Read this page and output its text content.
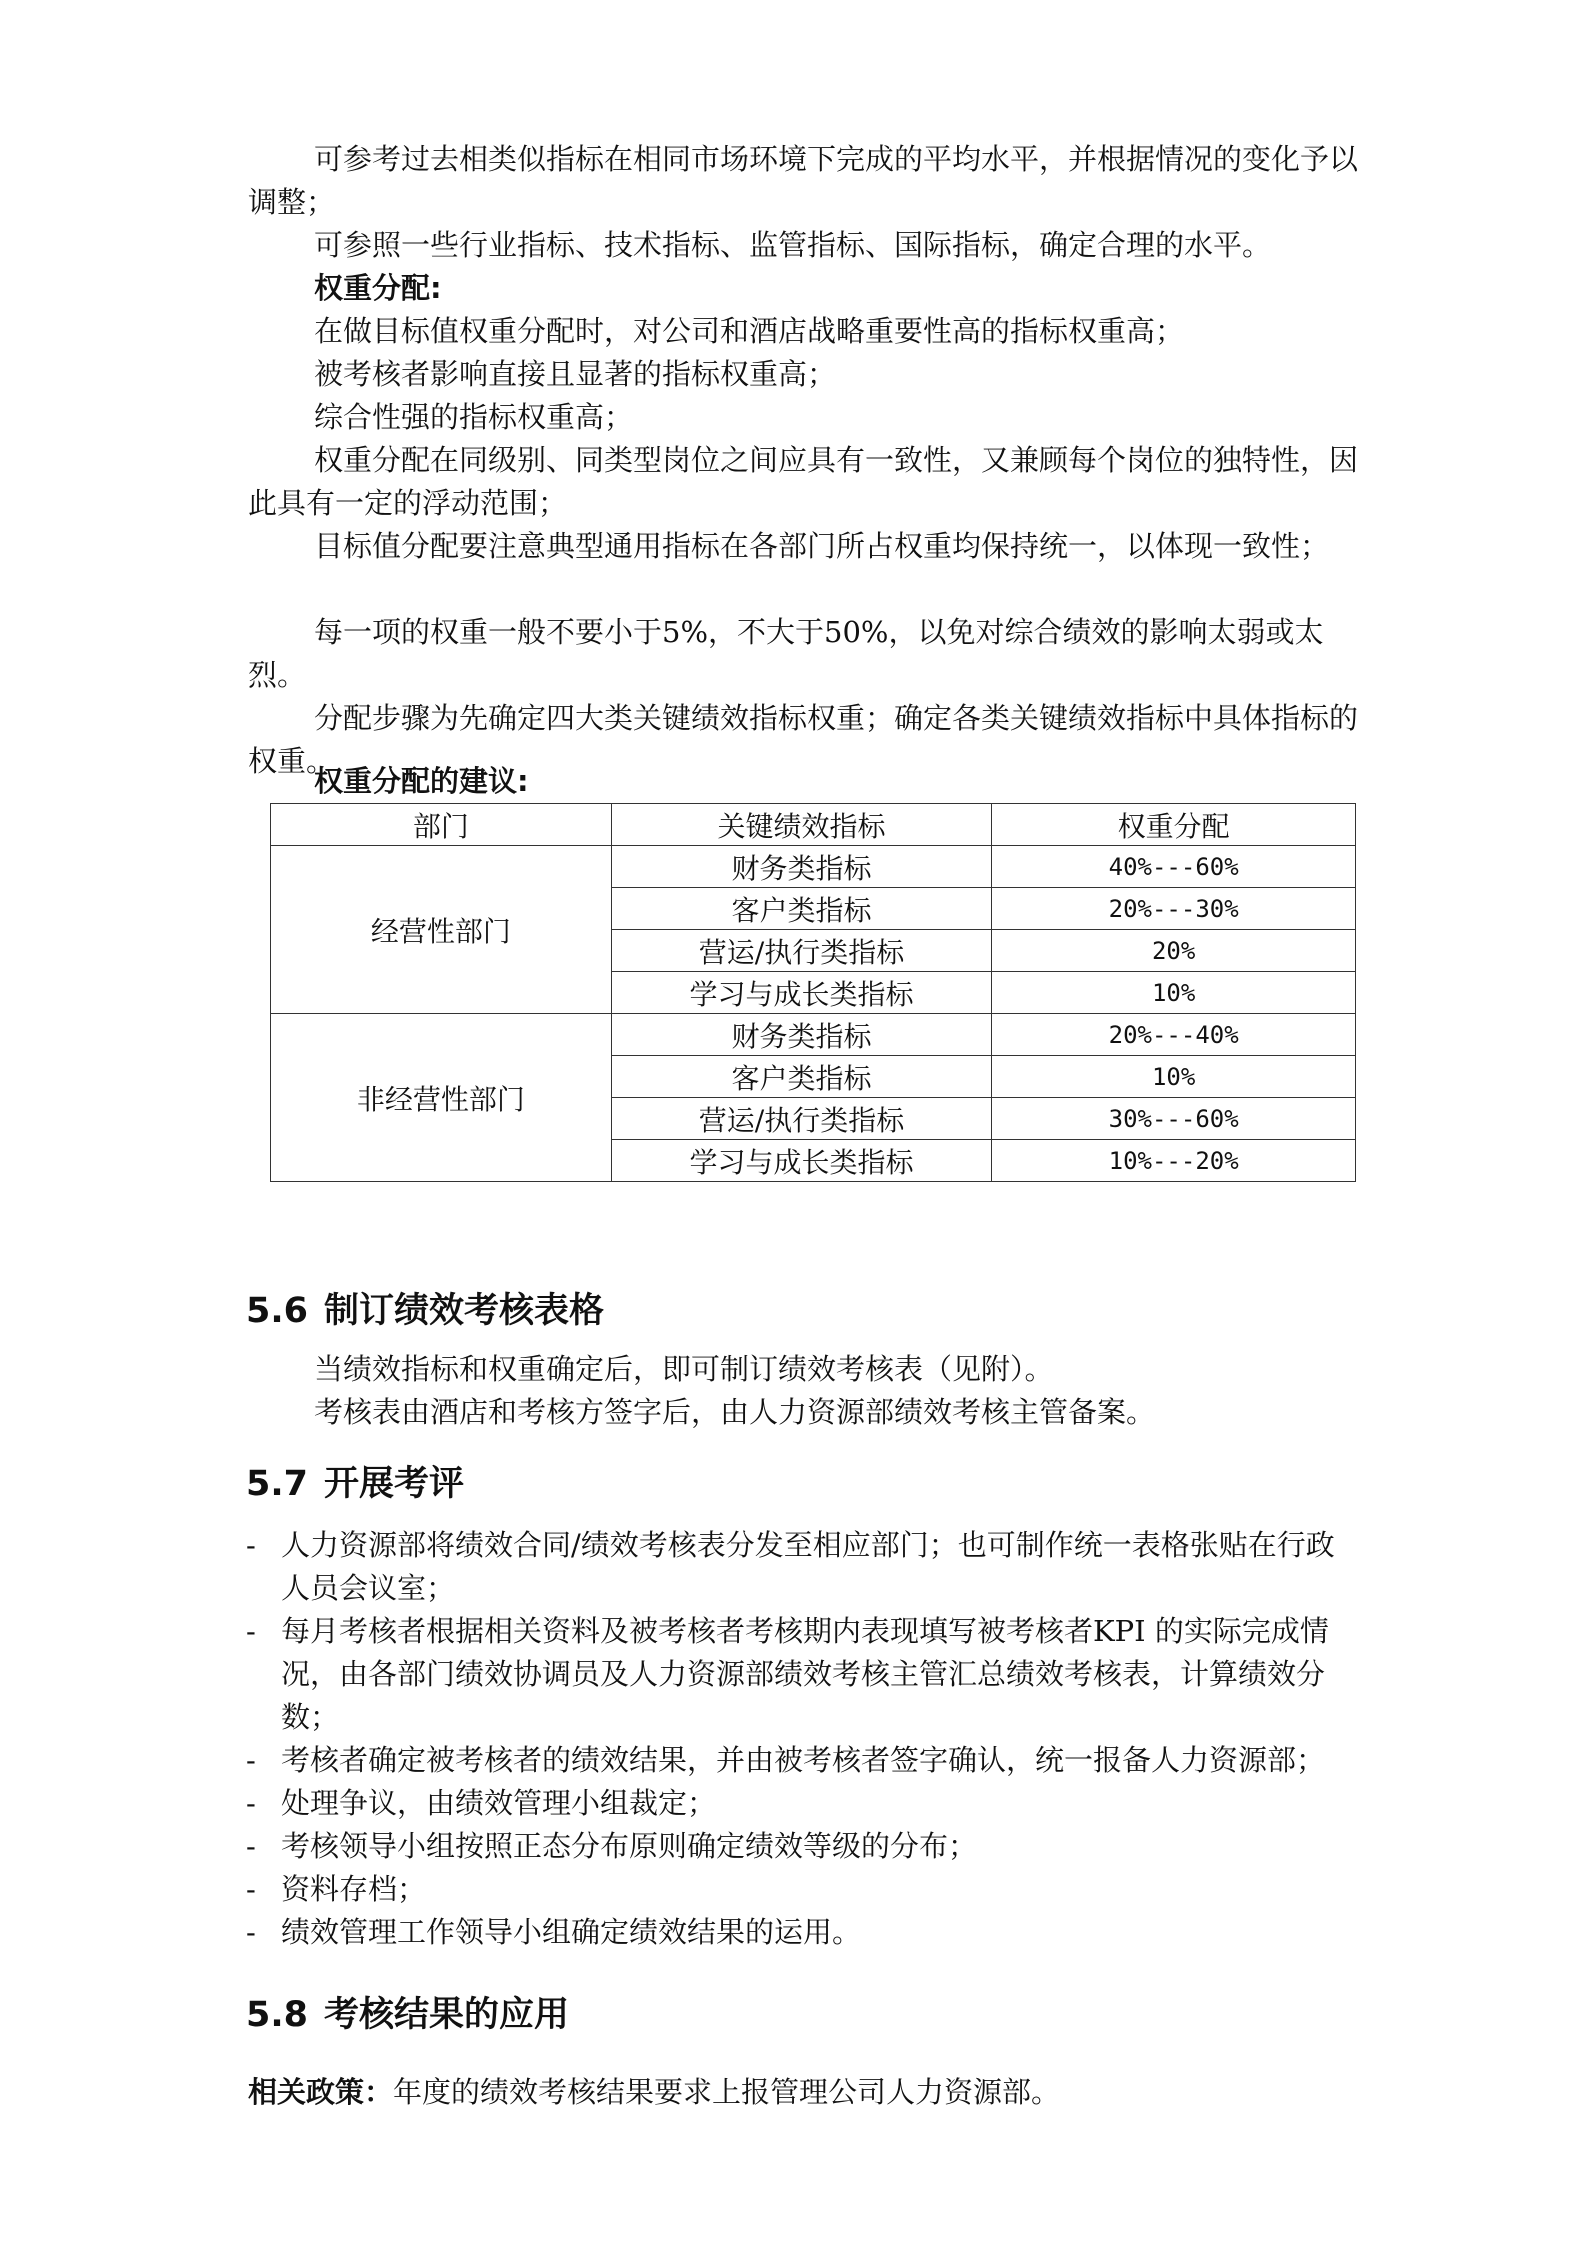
可参考过去相类似指标在相同市场环境下完成的平均水平，并根据情况的变化予以调整；

可参照一些行业指标、技术指标、监管指标、国际指标，确定合理的水平。

权重分配:

在做目标值权重分配时，对公司和酒店战略重要性高的指标权重高；

被考核者影响直接且显著的指标权重高；

综合性强的指标权重高；

权重分配在同级别、同类型岗位之间应具有一致性，又兼顾每个岗位的独特性，因此具有一定的浮动范围；

目标值分配要注意典型通用指标在各部门所占权重均保持统一，以体现一致性；

每一项的权重一般不要小于5%，不大于50%，以免对综合绩效的影响太弱或太烈。

分配步骤为先确定四大类关键绩效指标权重；确定各类关键绩效指标中具体指标的权重。

权重分配的建议:

部门	关键绩效指标	权重分配
经营性部门	财务类指标	40%---60%
	客户类指标	20%---30%
	营运/执行类指标	20%
	学习与成长类指标	10%
非经营性部门	财务类指标	20%---40%
	客户类指标	10%
	营运/执行类指标	30%---60%
	学习与成长类指标	10%---20%
5.6 制订绩效考核表格

当绩效指标和权重确定后，即可制订绩效考核表（见附）。

考核表由酒店和考核方签字后，由人力资源部绩效考核主管备案。

5.7 开展考评
- 人力资源部将绩效合同/绩效考核表分发至相应部门；也可制作统一表格张贴在行政人员会议室；
- 每月考核者根据相关资料及被考核者考核期内表现填写被考核者KPI 的实际完成情况，由各部门绩效协调员及人力资源部绩效考核主管汇总绩效考核表，计算绩效分数；
- 考核者确定被考核者的绩效结果，并由被考核者签字确认，统一报备人力资源部；
- 处理争议，由绩效管理小组裁定；
- 考核领导小组按照正态分布原则确定绩效等级的分布；
- 资料存档；
- 绩效管理工作领导小组确定绩效结果的运用。
5.8 考核结果的应用

相关政策：年度的绩效考核结果要求上报管理公司人力资源部。
